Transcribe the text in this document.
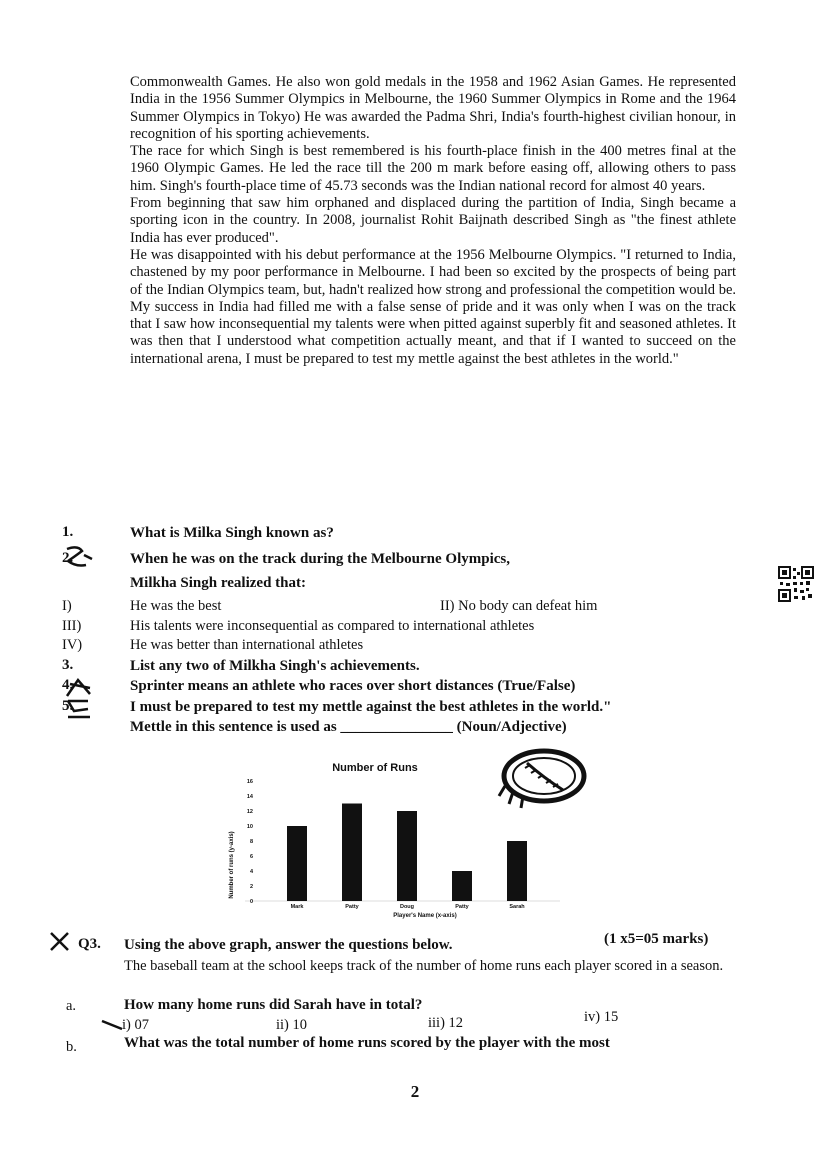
Commonwealth Games. He also won gold medals in the 1958 and 1962 Asian Games. He represented India in the 1956 Summer Olympics in Melbourne, the 1960 Summer Olympics in Rome and the 1964 Summer Olympics in Tokyo) He was awarded the Padma Shri, India's fourth-highest civilian honour, in recognition of his sporting achievements.

The race for which Singh is best remembered is his fourth-place finish in the 400 metres final at the 1960 Olympic Games. He led the race till the 200 m mark before easing off, allowing others to pass him. Singh's fourth-place time of 45.73 seconds was the Indian national record for almost 40 years.

From beginning that saw him orphaned and displaced during the partition of India, Singh became a sporting icon in the country. In 2008, journalist Rohit Baijnath described Singh as "the finest athlete India has ever produced".

He was disappointed with his debut performance at the 1956 Melbourne Olympics. "I returned to India, chastened by my poor performance in Melbourne. I had been so excited by the prospects of being part of the Indian Olympics team, but, hadn't realized how strong and professional the competition would be. My success in India had filled me with a false sense of pride and it was only when I was on the track that I saw how inconsequential my talents were when pitted against superbly fit and seasoned athletes. It was then that I understood what competition actually meant, and that if I wanted to succeed on the international arena, I must be prepared to test my mettle against the best athletes in the world."

1.	What is Milka Singh known as?
2.	When he was on the track during the Melbourne Olympics,
Milkha Singh realized that:
I)	He was the best	II) No body can defeat him
III)	His talents were inconsequential as compared to international athletes
IV)	He was better than international athletes
3.	List any two of Milkha Singh's achievements.
4.	Sprinter means an athlete who races over short distances (True/False)
5.	I must be prepared to test my mettle against the best athletes in the world."
Mettle in this sentence is used as _______________ (Noun/Adjective)
Number of Runs
Number of runs (y-axis)
Player's Name (x-axis)
0
2
4
6
8
10
12
14
16
Mark	Patty	Doug	Patty	Sarah
Q3. Using the above graph, answer the questions below.	(1 x5=05 marks)
The baseball team at the school keeps track of the number of home runs each player scored in a season.
a.	How many home runs did Sarah have in total?
i) 07	ii) 10	iii) 12	iv) 15
b.	What was the total number of home runs scored by the player with the most
2
